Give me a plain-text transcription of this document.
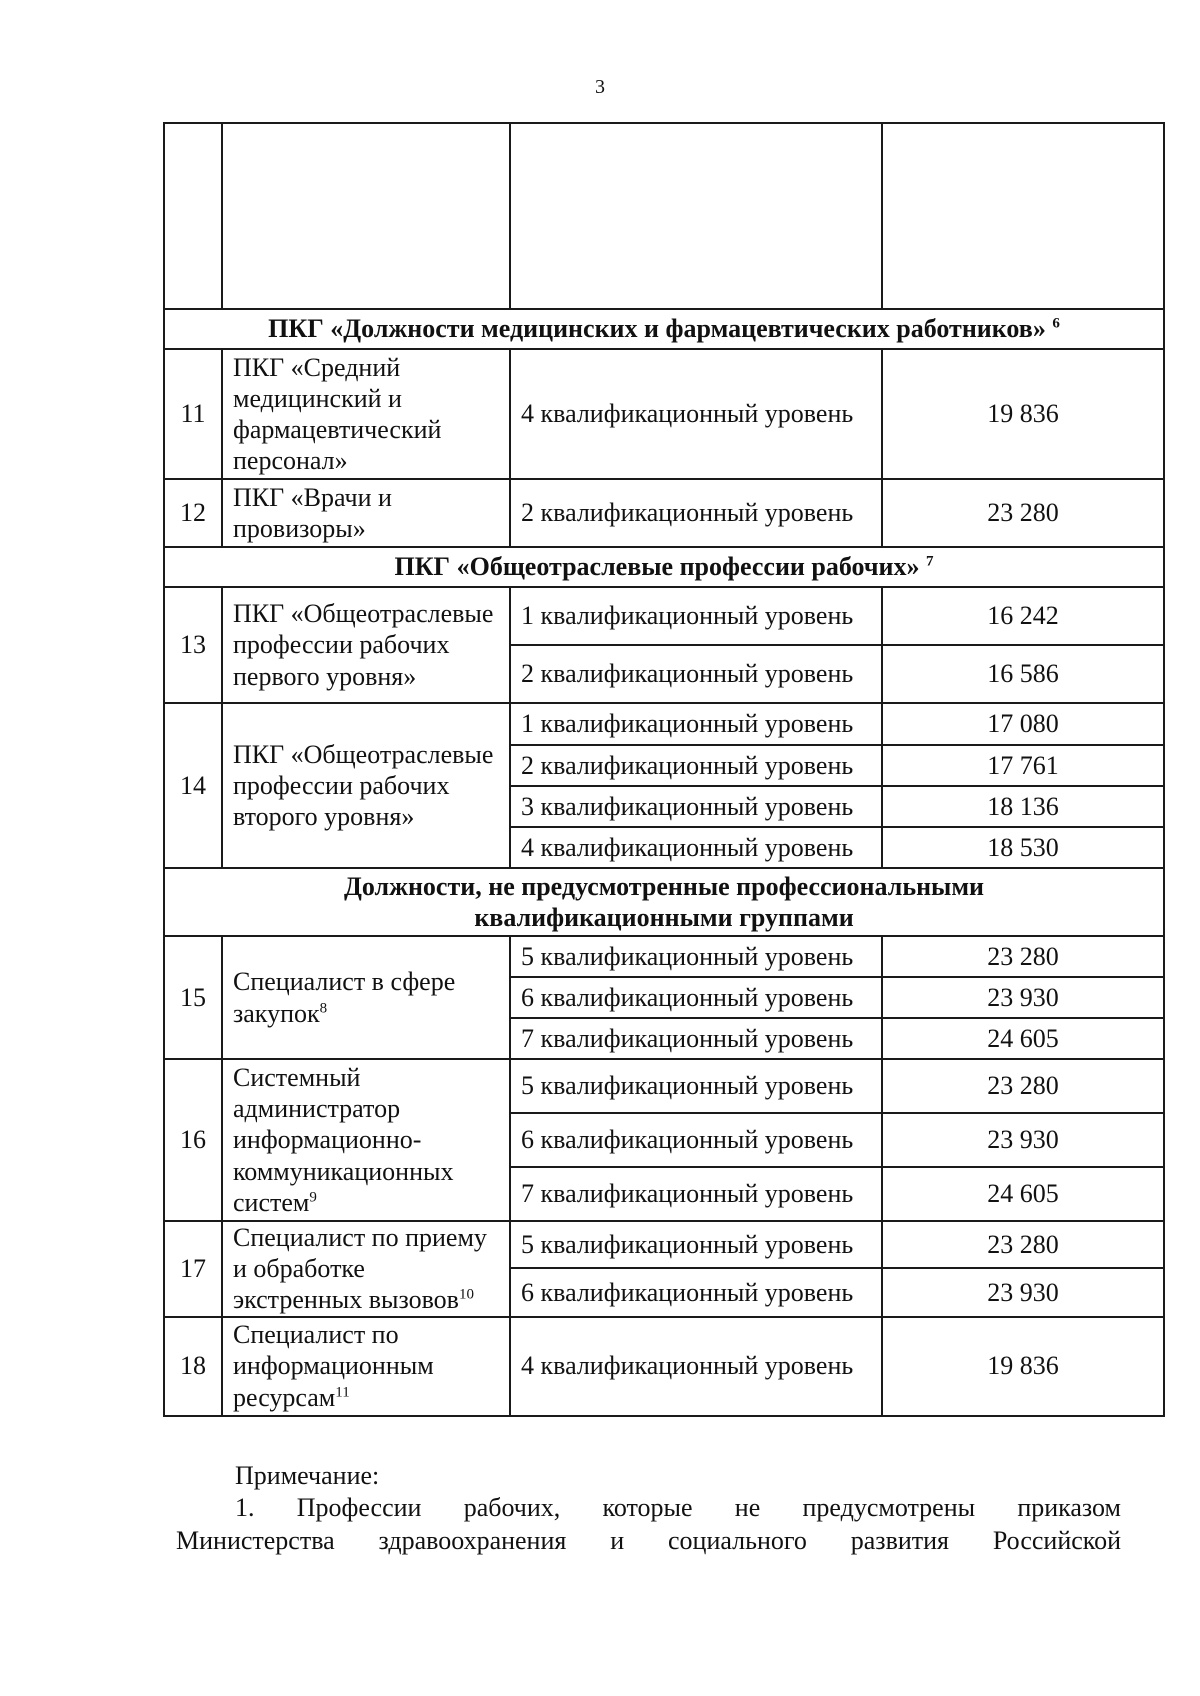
3

ПКГ «Должности медицинских и фармацевтических работников» $^6$
11	ПКГ «Средний медицинский и фармацевтический персонал»	4 квалификационный уровень	19 836
12	ПКГ «Врачи и провизоры»	2 квалификационный уровень	23 280
ПКГ «Общеотраслевые профессии рабочих» $^7$
13	ПКГ «Общеотраслевые профессии рабочих первого уровня»	1 квалификационный уровень	16 242
		2 квалификационный уровень	16 586
14	ПКГ «Общеотраслевые профессии рабочих второго уровня»	1 квалификационный уровень	17 080
		2 квалификационный уровень	17 761
		3 квалификационный уровень	18 136
		4 квалификационный уровень	18 530
Должности, не предусмотренные профессиональными квалификационными группами			
15	Специалист в сфере закупок$^8$	5 квалификационный уровень	23 280
		6 квалификационный уровень	23 930
		7 квалификационный уровень	24 605
16	Системный администратор информационно-коммуникационных систем$^9$	5 квалификационный уровень	23 280
		6 квалификационный уровень	23 930
		7 квалификационный уровень	24 605
17	Специалист по приему и обработке экстренных вызовов$^{10}$	5 квалификационный уровень	23 280
		6 квалификационный уровень	23 930
18	Специалист по информационным ресурсам$^{11}$	4 квалификационный уровень	19 836
Примечание:
1. Профессии рабочих, которые не предусмотрены приказом
Министерства здравоохранения и социального развития Российской
